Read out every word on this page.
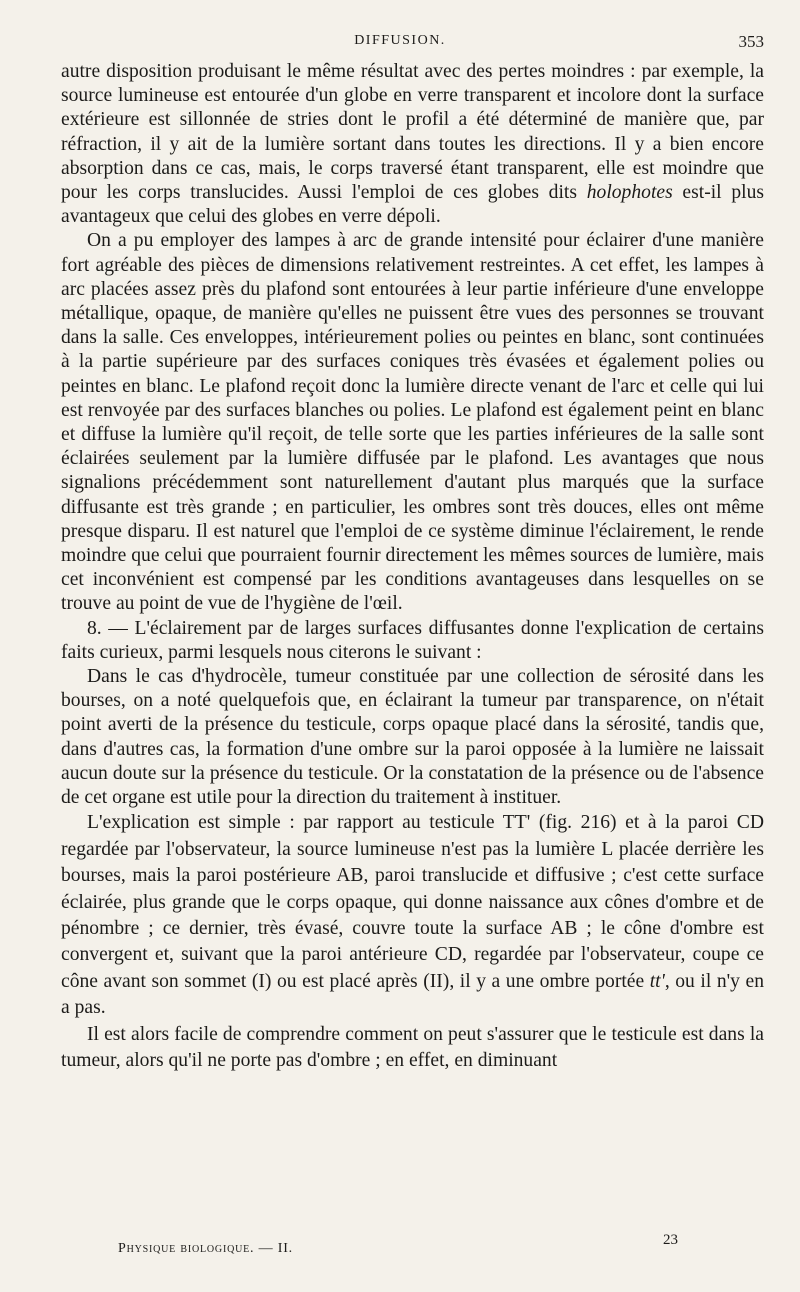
DIFFUSION.	353

autre disposition produisant le même résultat avec des pertes moindres : par exemple, la source lumineuse est entourée d'un globe en verre transparent et incolore dont la surface extérieure est sillonnée de stries dont le profil a été déterminé de manière que, par réfraction, il y ait de la lumière sortant dans toutes les directions. Il y a bien encore absorption dans ce cas, mais, le corps traversé étant transparent, elle est moindre que pour les corps translucides. Aussi l'emploi de ces globes dits holophotes est-il plus avantageux que celui des globes en verre dépoli.

On a pu employer des lampes à arc de grande intensité pour éclairer d'une manière fort agréable des pièces de dimensions relativement restreintes. A cet effet, les lampes à arc placées assez près du plafond sont entourées à leur partie inférieure d'une enveloppe métallique, opaque, de manière qu'elles ne puissent être vues des personnes se trouvant dans la salle. Ces enveloppes, intérieurement polies ou peintes en blanc, sont continuées à la partie supérieure par des surfaces coniques très évasées et également polies ou peintes en blanc. Le plafond reçoit donc la lumière directe venant de l'arc et celle qui lui est renvoyée par des surfaces blanches ou polies. Le plafond est également peint en blanc et diffuse la lumière qu'il reçoit, de telle sorte que les parties inférieures de la salle sont éclairées seulement par la lumière diffusée par le plafond. Les avantages que nous signalions précédemment sont naturellement d'autant plus marqués que la surface diffusante est très grande ; en particulier, les ombres sont très douces, elles ont même presque disparu. Il est naturel que l'emploi de ce système diminue l'éclairement, le rende moindre que celui que pourraient fournir directement les mêmes sources de lumière, mais cet inconvénient est compensé par les conditions avantageuses dans lesquelles on se trouve au point de vue de l'hygiène de l'œil.

8. — L'éclairement par de larges surfaces diffusantes donne l'explication de certains faits curieux, parmi lesquels nous citerons le suivant :

Dans le cas d'hydrocèle, tumeur constituée par une collection de sérosité dans les bourses, on a noté quelquefois que, en éclairant la tumeur par transparence, on n'était point averti de la présence du testicule, corps opaque placé dans la sérosité, tandis que, dans d'autres cas, la formation d'une ombre sur la paroi opposée à la lumière ne laissait aucun doute sur la présence du testicule. Or la constatation de la présence ou de l'absence de cet organe est utile pour la direction du traitement à instituer.

L'explication est simple : par rapport au testicule TT' (fig. 216) et à la paroi CD regardée par l'observateur, la source lumineuse n'est pas la lumière L placée derrière les bourses, mais la paroi postérieure AB, paroi translucide et diffusive ; c'est cette surface éclairée, plus grande que le corps opaque, qui donne naissance aux cônes d'ombre et de pénombre ; ce dernier, très évasé, couvre toute la surface AB ; le cône d'ombre est convergent et, suivant que la paroi antérieure CD, regardée par l'observateur, coupe ce cône avant son sommet (I) ou est placé après (II), il y a une ombre portée tt', ou il n'y en a pas.

Il est alors facile de comprendre comment on peut s'assurer que le testicule est dans la tumeur, alors qu'il ne porte pas d'ombre ; en effet, en diminuant

Physique biologique. — II.
23
